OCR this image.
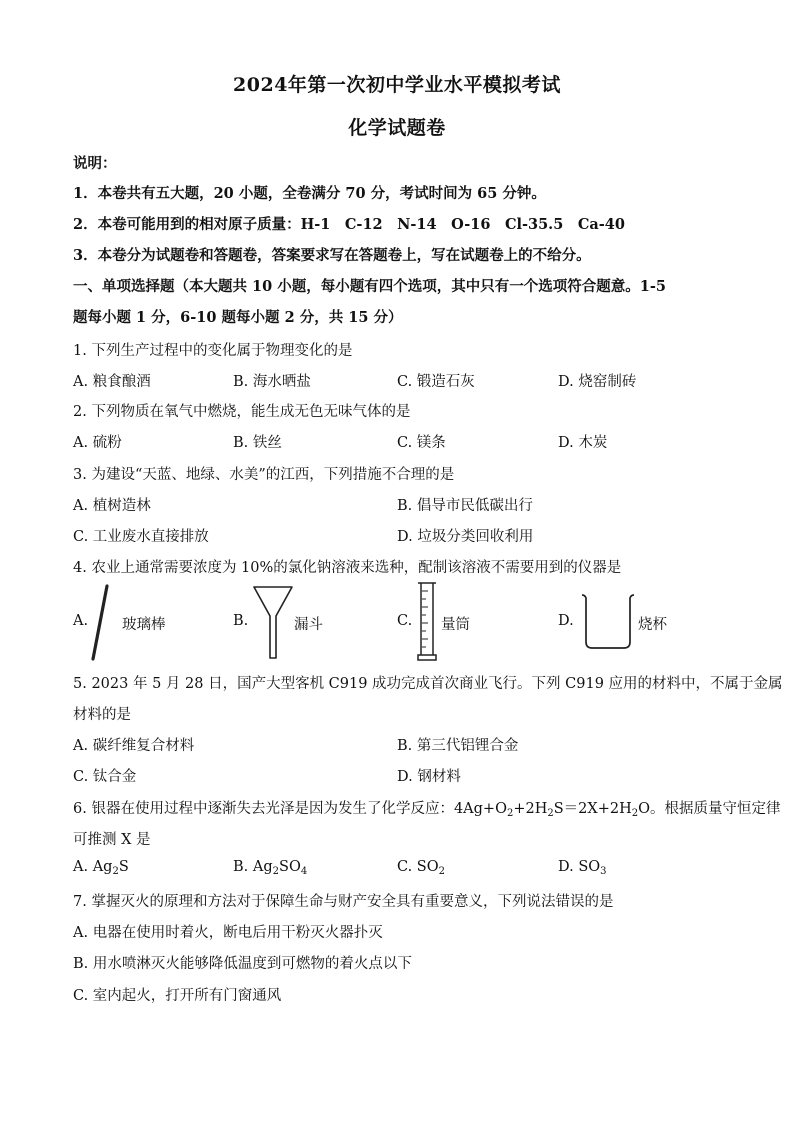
2024年第一次初中学业水平模拟考试
化学试题卷
说明：
1．本卷共有五大题，20 小题，全卷满分 70 分，考试时间为 65 分钟。
2．本卷可能用到的相对原子质量：H-1　C-12　N-14　O-16　Cl-35.5　Ca-40
3．本卷分为试题卷和答题卷，答案要求写在答题卷上，写在试题卷上的不给分。
一、单项选择题（本大题共 10 小题，每小题有四个选项，其中只有一个选项符合题意。1-5
题每小题 1 分，6-10 题每小题 2 分，共 15 分）
1. 下列生产过程中的变化属于物理变化的是
A. 粮食酿酒	B. 海水晒盐	C. 锻造石灰	D. 烧窑制砖
2. 下列物质在氧气中燃烧，能生成无色无味气体的是
A. 硫粉	B. 铁丝	C. 镁条	D. 木炭
3. 为建设“天蓝、地绿、水美”的江西，下列措施不合理的是
A. 植树造林	B. 倡导市民低碳出行
C. 工业废水直接排放	D. 垃圾分类回收利用
4. 农业上通常需要浓度为 10%的氯化钠溶液来选种，配制该溶液不需要用到的仪器是
A. 玻璃棒	B.	漏斗	C. 量筒	D.	烧杯
5. 2023 年 5 月 28 日，国产大型客机 C919 成功完成首次商业飞行。下列 C919 应用的材料中，不属于金属
材料的是
A. 碳纤维复合材料	B. 第三代铝锂合金
C. 钛合金	D. 钢材料
6. 银器在使用过程中逐渐失去光泽是因为发生了化学反应：$4Ag+O_2+2H_2S=2X+2H_2O$。根据质量守恒定律
可推测 X 是
A. $Ag_2S$	B. $Ag_2SO_4$	C. $SO_2$	D. $SO_3$
7. 掌握灭火的原理和方法对于保障生命与财产安全具有重要意义，下列说法错误的是
A. 电器在使用时着火，断电后用干粉灭火器扑灭
B. 用水喷淋灭火能够降低温度到可燃物的着火点以下
C. 室内起火，打开所有门窗通风
